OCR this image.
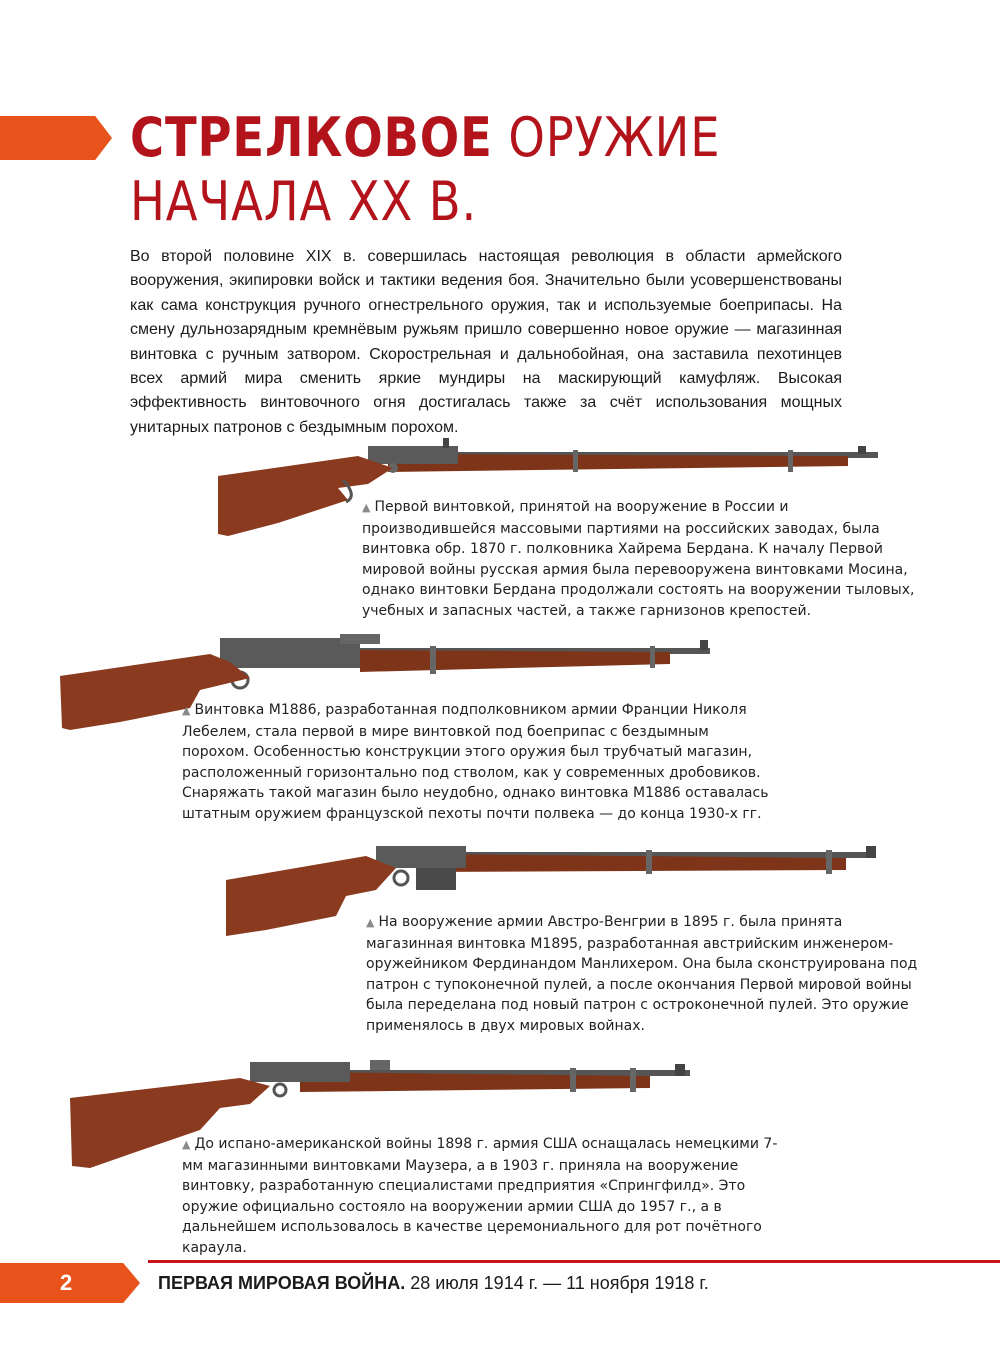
СТРЕЛКОВОЕ ОРУЖИЕ
НАЧАЛА XX В.

Во второй половине XIX в. совершилась настоящая революция в области армейского вооружения, экипировки войск и тактики ведения боя. Значительно были усовершенствованы как сама конструкция ручного огнестрельного оружия, так и используемые боеприпасы. На смену дульнозарядным кремнёвым ружьям пришло совершенно новое оружие — магазинная винтовка с ручным затвором. Скорострельная и дальнобойная, она заставила пехотинцев всех армий мира сменить яркие мундиры на маскирующий камуфляж. Высокая эффективность винтовочного огня достигалась также за счёт использования мощных унитарных патронов с бездымным порохом.

▲ Первой винтовкой, принятой на вооружение в России и производившейся массовыми партиями на российских заводах, была винтовка обр. 1870 г. полковника Хайрема Бердана. К началу Первой мировой войны русская армия была перевооружена винтовками Мосина, однако винтовки Бердана продолжали состоять на вооружении тыловых, учебных и запасных частей, а также гарнизонов крепостей.

▲ Винтовка М1886, разработанная подполковником армии Франции Николя Лебелем, стала первой в мире винтовкой под боеприпас с бездымным порохом. Особенностью конструкции этого оружия был трубчатый магазин, расположенный горизонтально под стволом, как у современных дробовиков. Снаряжать такой магазин было неудобно, однако винтовка М1886 оставалась штатным оружием французской пехоты почти полвека — до конца 1930-х гг.

▲ На вооружение армии Австро-Венгрии в 1895 г. была принята магазинная винтовка М1895, разработанная австрийским инженером-оружейником Фердинандом Манлихером. Она была сконструирована под патрон с тупоконечной пулей, а после окончания Первой мировой войны была переделана под новый патрон с остроконечной пулей. Это оружие применялось в двух мировых войнах.

▲ До испано-американской войны 1898 г. армия США оснащалась немецкими 7-мм магазинными винтовками Маузера, а в 1903 г. приняла на вооружение винтовку, разработанную специалистами предприятия «Спрингфилд». Это оружие официально состояло на вооружении армии США до 1957 г., а в дальнейшем использовалось в качестве церемониального для рот почётного караула.

2	ПЕРВАЯ МИРОВАЯ ВОЙНА. 28 июля 1914 г. — 11 ноября 1918 г.
